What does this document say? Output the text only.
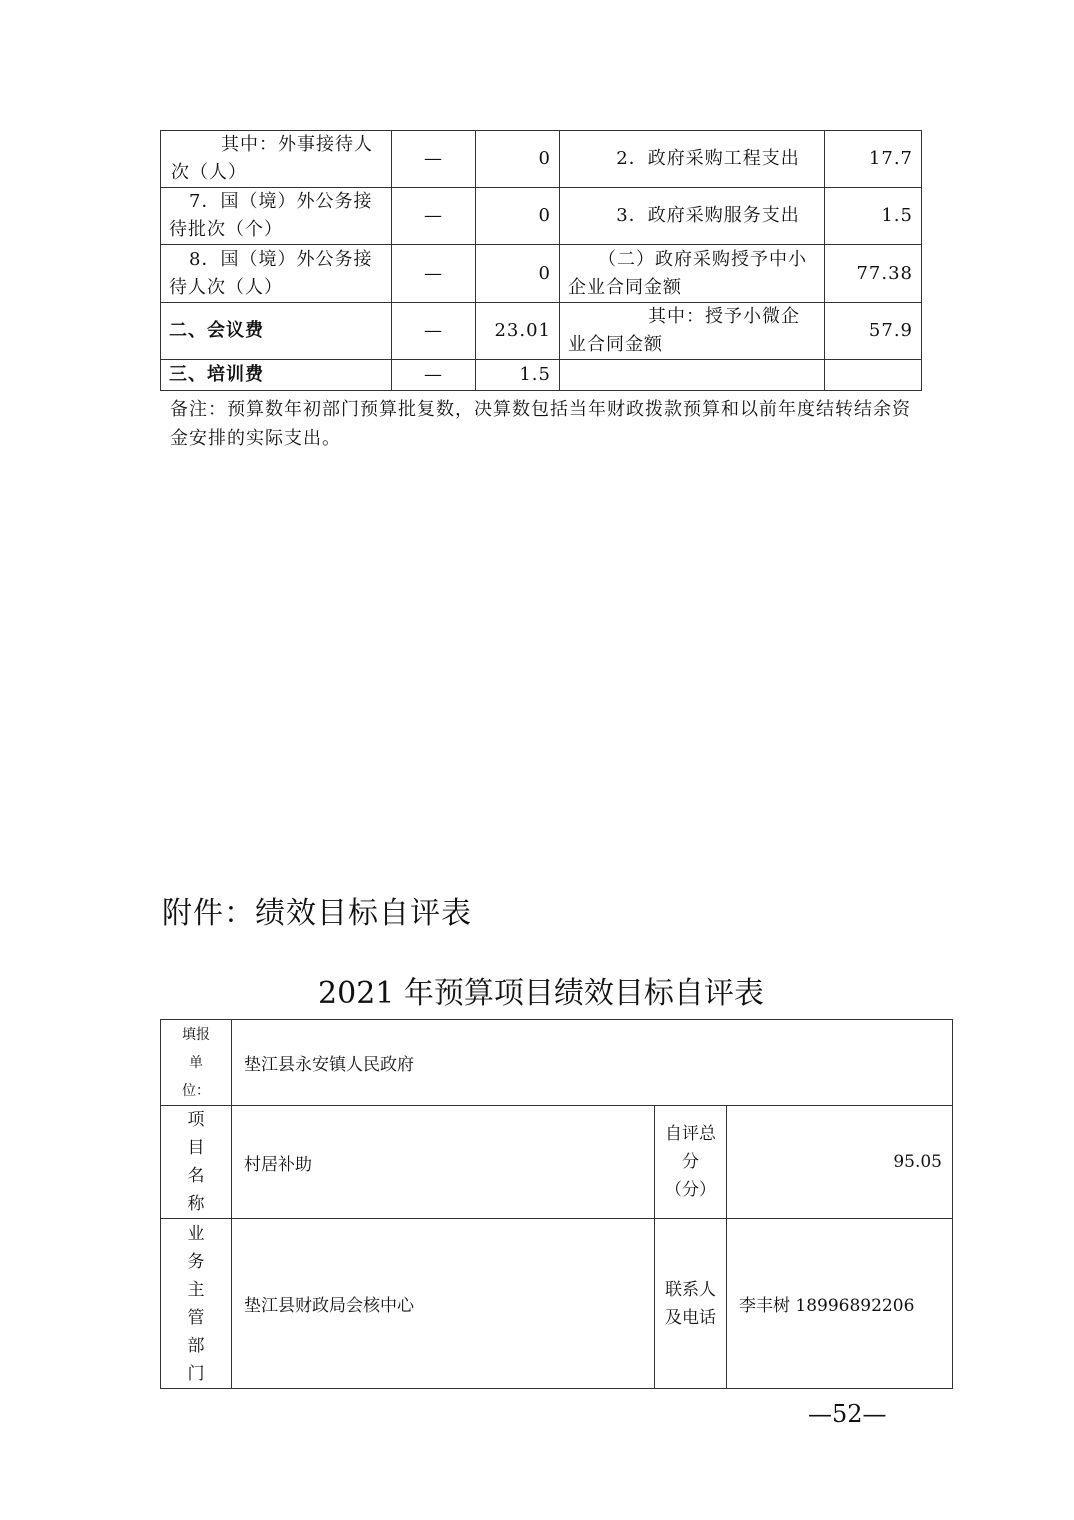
其中：外事接待人次（人）	—	0	2．政府采购工程支出	17.7
7．国（境）外公务接待批次（个）	—	0	3．政府采购服务支出	1.5
8．国（境）外公务接待人次（人）	—	0	（二）政府采购授予中小企业合同金额	77.38
二、会议费	—	23.01	其中：授予小微企业合同金额	57.9
三、培训费	—	1.5		
备注：预算数年初部门预算批复数，决算数包括当年财政拨款预算和以前年度结转结余资金安排的实际支出。
附件：绩效目标自评表
2021 年预算项目绩效目标自评表
填报单位：	垫江县永安镇人民政府		
项目名称	村居补助	自评总分（分）	95.05
业务主管部门	垫江县财政局会核中心	联系人及电话	李丰树 18996892206
—52—
